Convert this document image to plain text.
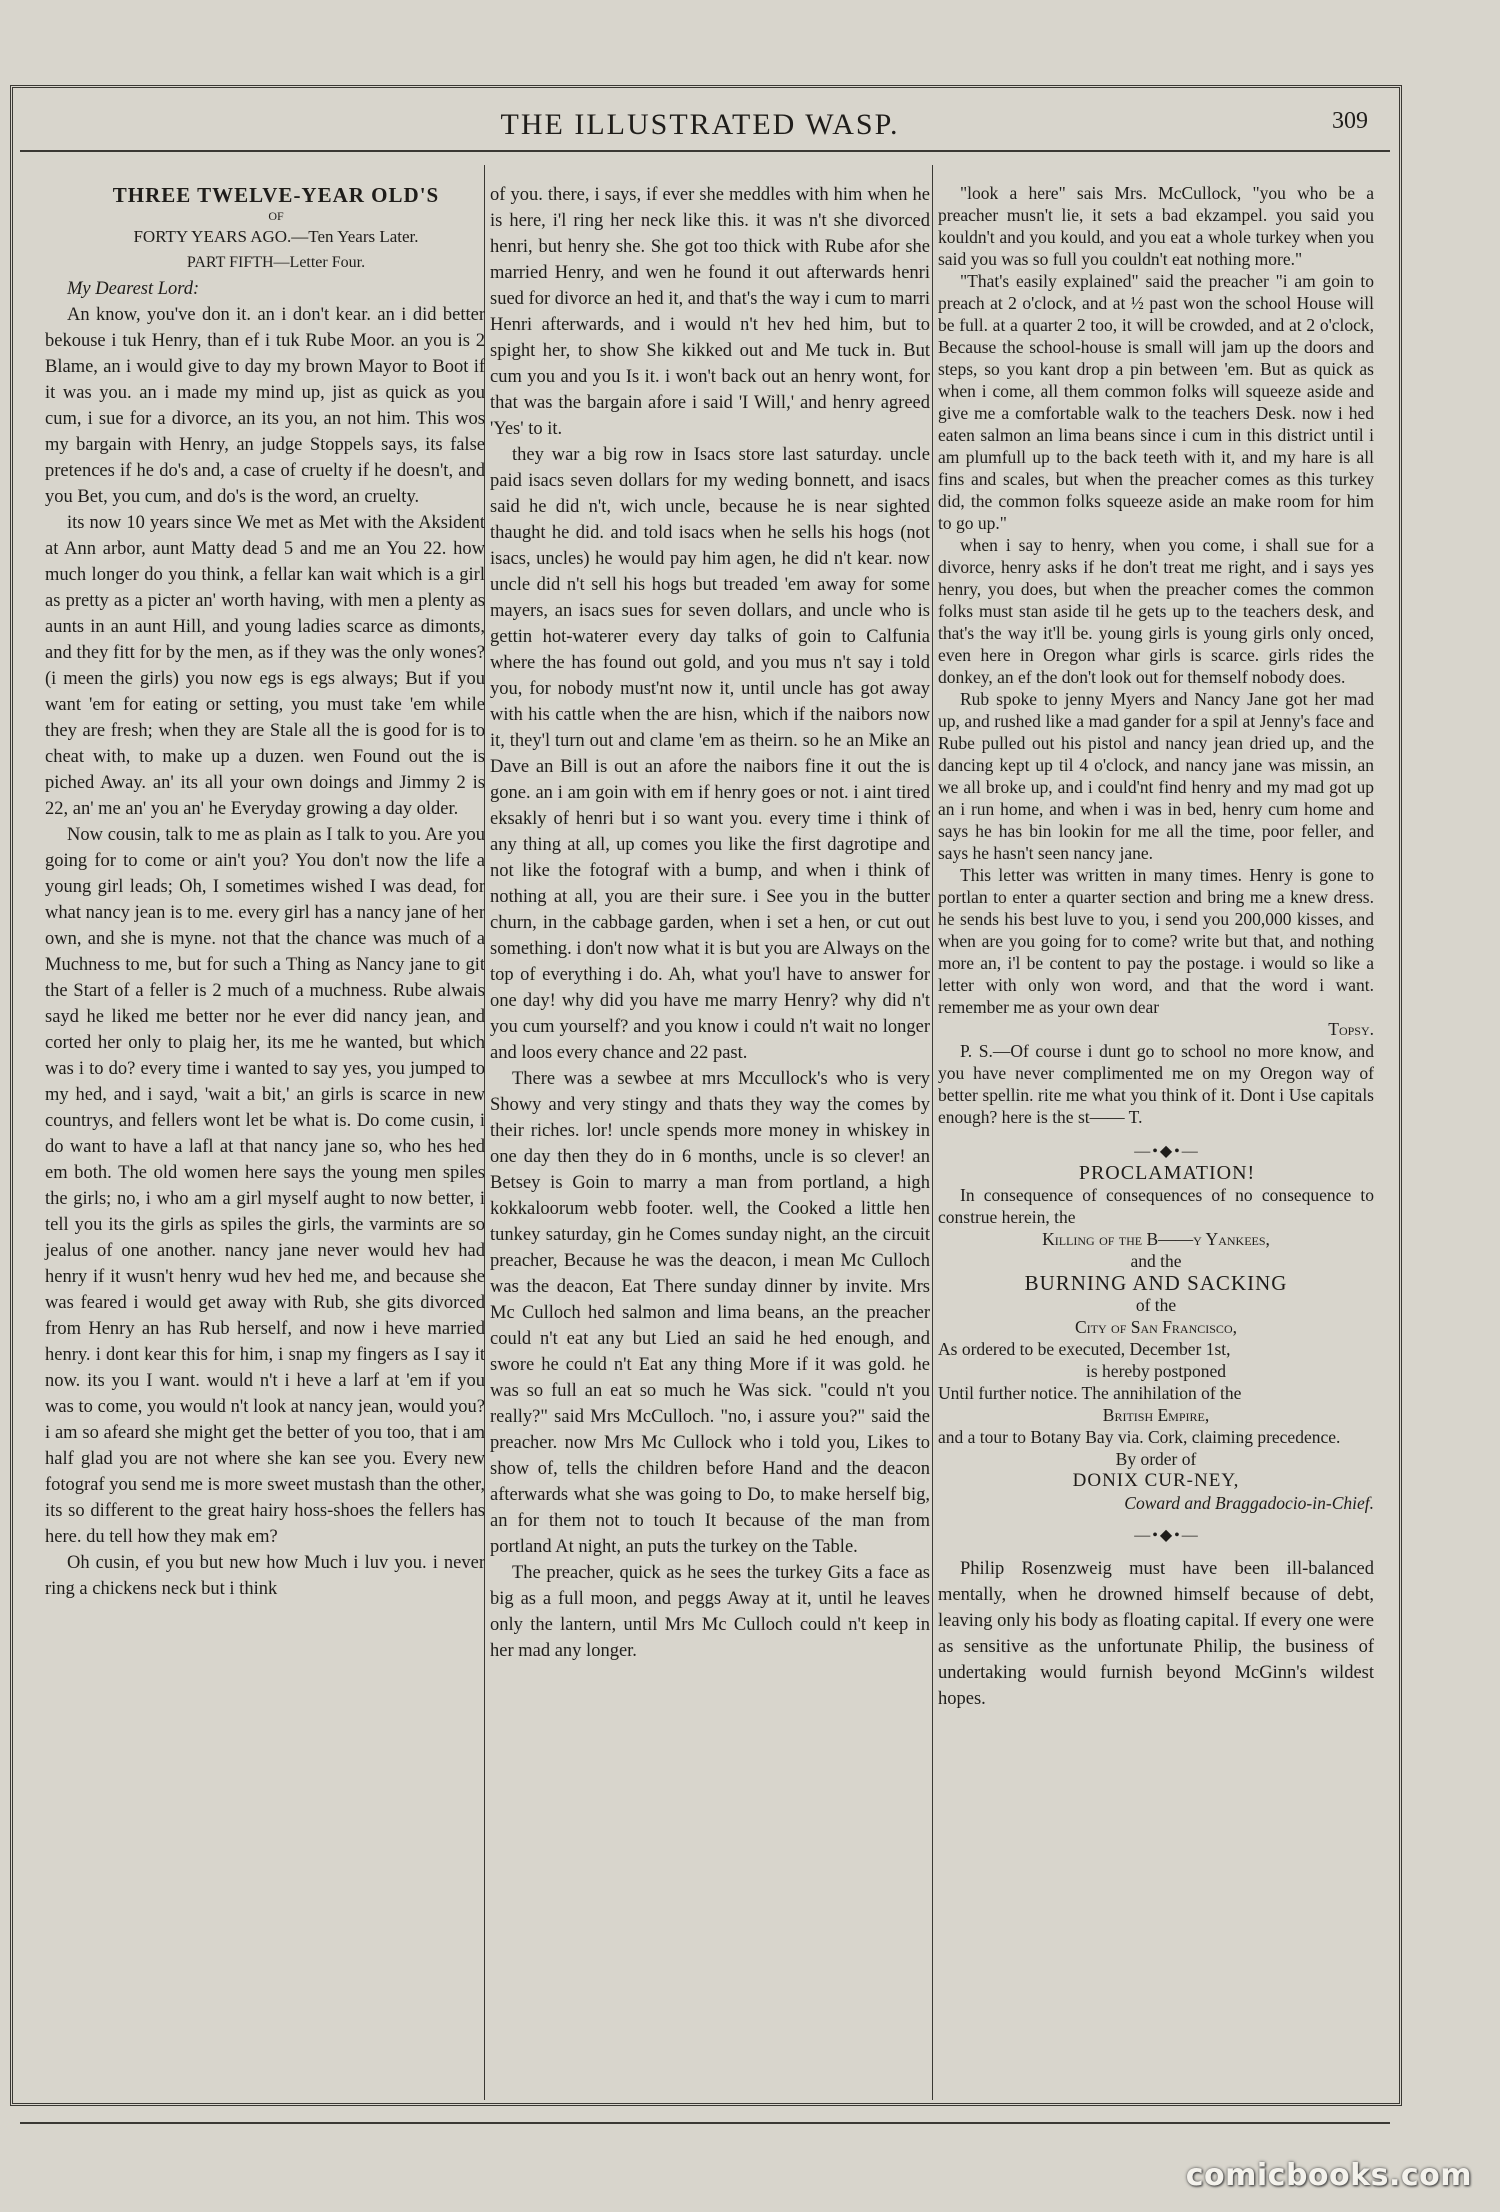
THE ILLUSTRATED WASP.	309

THREE TWELVE-YEAR OLD'S

OF

FORTY YEARS AGO.—Ten Years Later.

PART FIFTH—Letter Four.

My Dearest Lord:

An know, you've don it. an i don't kear. an i did better bekouse i tuk Henry, than ef i tuk Rube Moor. an you is 2 Blame, an i would give to day my brown Mayor to Boot if it was you. an i made my mind up, jist as quick as you cum, i sue for a divorce, an its you, an not him. This wos my bargain with Henry, an judge Stoppels says, its false pretences if he do's and, a case of cruelty if he doesn't, and you Bet, you cum, and do's is the word, an cruelty.

its now 10 years since We met as Met with the Aksident at Ann arbor, aunt Matty dead 5 and me an You 22. how much longer do you think, a fellar kan wait which is a girl as pretty as a picter an' worth having, with men a plenty as aunts in an aunt Hill, and young ladies scarce as dimonts, and they fitt for by the men, as if they was the only wones? (i meen the girls) you now egs is egs always; But if you want 'em for eating or setting, you must take 'em while they are fresh; when they are Stale all the is good for is to cheat with, to make up a duzen. wen Found out the is piched Away. an' its all your own doings and Jimmy 2 is 22, an' me an' you an' he Everyday growing a day older.

Now cousin, talk to me as plain as I talk to you. Are you going for to come or ain't you? You don't now the life a young girl leads; Oh, I sometimes wished I was dead, for what nancy jean is to me. every girl has a nancy jane of her own, and she is myne. not that the chance was much of a Muchness to me, but for such a Thing as Nancy jane to git the Start of a feller is 2 much of a muchness. Rube alwais sayd he liked me better nor he ever did nancy jean, and corted her only to plaig her, its me he wanted, but which was i to do? every time i wanted to say yes, you jumped to my hed, and i sayd, 'wait a bit,' an girls is scarce in new countrys, and fellers wont let be what is. Do come cusin, i do want to have a lafl at that nancy jane so, who hes hed em both. The old women here says the young men spiles the girls; no, i who am a girl myself aught to now better, i tell you its the girls as spiles the girls, the varmints are so jealus of one another. nancy jane never would hev had henry if it wusn't henry wud hev hed me, and because she was feared i would get away with Rub, she gits divorced from Henry an has Rub herself, and now i heve married henry. i dont kear this for him, i snap my fingers as I say it now. its you I want. would n't i heve a larf at 'em if you was to come, you would n't look at nancy jean, would you? i am so afeard she might get the better of you too, that i am half glad you are not where she kan see you. Every new fotograf you send me is more sweet mustash than the other, its so different to the great hairy hoss-shoes the fellers has here. du tell how they mak em?

Oh cusin, ef you but new how Much i luv you. i never ring a chickens neck but i think

of you. there, i says, if ever she meddles with him when he is here, i'l ring her neck like this. it was n't she divorced henri, but henry she. She got too thick with Rube afor she married Henry, and wen he found it out afterwards henri sued for divorce an hed it, and that's the way i cum to marri Henri afterwards, and i would n't hev hed him, but to spight her, to show She kikked out and Me tuck in. But cum you and you Is it. i won't back out an henry wont, for that was the bargain afore i said 'I Will,' and henry agreed 'Yes' to it.

they war a big row in Isacs store last saturday. uncle paid isacs seven dollars for my weding bonnett, and isacs said he did n't, wich uncle, because he is near sighted thaught he did. and told isacs when he sells his hogs (not isacs, uncles) he would pay him agen, he did n't kear. now uncle did n't sell his hogs but treaded 'em away for some mayers, an isacs sues for seven dollars, and uncle who is gettin hot-waterer every day talks of goin to Calfunia where the has found out gold, and you mus n't say i told you, for nobody must'nt now it, until uncle has got away with his cattle when the are hisn, which if the naibors now it, they'l turn out and clame 'em as theirn. so he an Mike an Dave an Bill is out an afore the naibors fine it out the is gone. an i am goin with em if henry goes or not. i aint tired eksakly of henri but i so want you. every time i think of any thing at all, up comes you like the first dagrotipe and not like the fotograf with a bump, and when i think of nothing at all, you are their sure. i See you in the butter churn, in the cabbage garden, when i set a hen, or cut out something. i don't now what it is but you are Always on the top of everything i do. Ah, what you'l have to answer for one day! why did you have me marry Henry? why did n't you cum yourself? and you know i could n't wait no longer and loos every chance and 22 past.

There was a sewbee at mrs Mccullock's who is very Showy and very stingy and thats they way the comes by their riches. lor! uncle spends more money in whiskey in one day then they do in 6 months, uncle is so clever! an Betsey is Goin to marry a man from portland, a high kokkaloorum webb footer. well, the Cooked a little hen tunkey saturday, gin he Comes sunday night, an the circuit preacher, Because he was the deacon, i mean Mc Culloch was the deacon, Eat There sunday dinner by invite. Mrs Mc Culloch hed salmon and lima beans, an the preacher could n't eat any but Lied an said he hed enough, and swore he could n't Eat any thing More if it was gold. he was so full an eat so much he Was sick. "could n't you really?" said Mrs McCulloch. "no, i assure you?" said the preacher. now Mrs Mc Cullock who i told you, Likes to show of, tells the children before Hand and the deacon afterwards what she was going to Do, to make herself big, an for them not to touch It because of the man from portland At night, an puts the turkey on the Table.

The preacher, quick as he sees the turkey Gits a face as big as a full moon, and peggs Away at it, until he leaves only the lantern, until Mrs Mc Culloch could n't keep in her mad any longer.

"look a here" sais Mrs. McCullock, "you who be a preacher musn't lie, it sets a bad ekzampel. you said you kouldn't and you kould, and you eat a whole turkey when you said you was so full you couldn't eat nothing more."

"That's easily explained" said the preacher "i am goin to preach at 2 o'clock, and at ½ past won the school House will be full. at a quarter 2 too, it will be crowded, and at 2 o'clock, Because the school-house is small will jam up the doors and steps, so you kant drop a pin between 'em. But as quick as when i come, all them common folks will squeeze aside and give me a comfortable walk to the teachers Desk. now i hed eaten salmon an lima beans since i cum in this district until i am plumfull up to the back teeth with it, and my hare is all fins and scales, but when the preacher comes as this turkey did, the common folks squeeze aside an make room for him to go up."

when i say to henry, when you come, i shall sue for a divorce, henry asks if he don't treat me right, and i says yes henry, you does, but when the preacher comes the common folks must stan aside til he gets up to the teachers desk, and that's the way it'll be. young girls is young girls only onced, even here in Oregon whar girls is scarce. girls rides the donkey, an ef the don't look out for themself nobody does.

Rub spoke to jenny Myers and Nancy Jane got her mad up, and rushed like a mad gander for a spil at Jenny's face and Rube pulled out his pistol and nancy jean dried up, and the dancing kept up til 4 o'clock, and nancy jane was missin, an we all broke up, and i could'nt find henry and my mad got up an i run home, and when i was in bed, henry cum home and says he has bin lookin for me all the time, poor feller, and says he hasn't seen nancy jane.

This letter was written in many times. Henry is gone to portlan to enter a quarter section and bring me a knew dress. he sends his best luve to you, i send you 200,000 kisses, and when are you going for to come? write but that, and nothing more an, i'l be content to pay the postage. i would so like a letter with only won word, and that the word i want. remember me as your own dear

Topsy.

P. S.—Of course i dunt go to school no more know, and you have never complimented me on my Oregon way of better spellin. rite me what you think of it. Dont i Use capitals enough? here is the st—— T.

—•◆•—

PROCLAMATION!

In consequence of consequences of no consequence to construe herein, the

Killing of the B——y Yankees,

and the

BURNING AND SACKING

of the

City of San Francisco,

As ordered to be executed, December 1st,

is hereby postponed

Until further notice. The annihilation of the

British Empire,

and a tour to Botany Bay via. Cork, claiming precedence.

By order of

DONIX CUR-NEY,

Coward and Braggadocio-in-Chief.

—•◆•—

Philip Rosenzweig must have been ill-balanced mentally, when he drowned himself because of debt, leaving only his body as floating capital. If every one were as sensitive as the unfortunate Philip, the business of undertaking would furnish beyond McGinn's wildest hopes.

comicbooks.com
